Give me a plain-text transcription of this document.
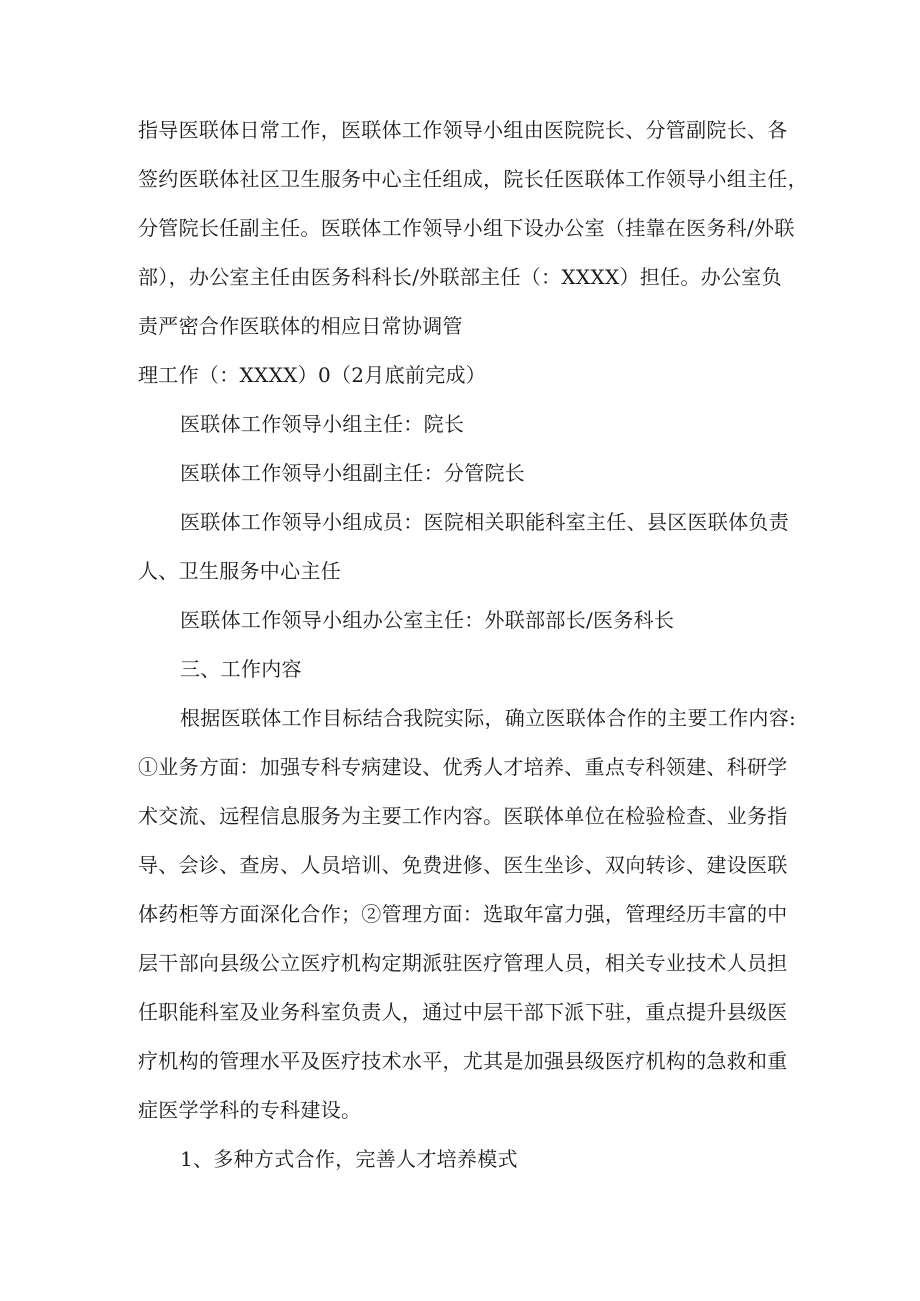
指导医联体日常工作，医联体工作领导小组由医院院长、分管副院长、各
签约医联体社区卫生服务中心主任组成，院长任医联体工作领导小组主任，
分管院长任副主任。医联体工作领导小组下设办公室（挂靠在医务科/外联
部），办公室主任由医务科科长/外联部主任（：XXXX）担任。办公室负
责严密合作医联体的相应日常协调管
理工作（：XXXX）0（2月底前完成）
医联体工作领导小组主任：院长
医联体工作领导小组副主任：分管院长
医联体工作领导小组成员：医院相关职能科室主任、县区医联体负责
人、卫生服务中心主任
医联体工作领导小组办公室主任：外联部部长/医务科长
三、工作内容
根据医联体工作目标结合我院实际，确立医联体合作的主要工作内容:
①业务方面：加强专科专病建设、优秀人才培养、重点专科领建、科研学
术交流、远程信息服务为主要工作内容。医联体单位在检验检查、业务指
导、会诊、查房、人员培训、免费进修、医生坐诊、双向转诊、建设医联
体药柜等方面深化合作；②管理方面：选取年富力强，管理经历丰富的中
层干部向县级公立医疗机构定期派驻医疗管理人员，相关专业技术人员担
任职能科室及业务科室负责人，通过中层干部下派下驻，重点提升县级医
疗机构的管理水平及医疗技术水平，尤其是加强县级医疗机构的急救和重
症医学学科的专科建设。
1、多种方式合作，完善人才培养模式
